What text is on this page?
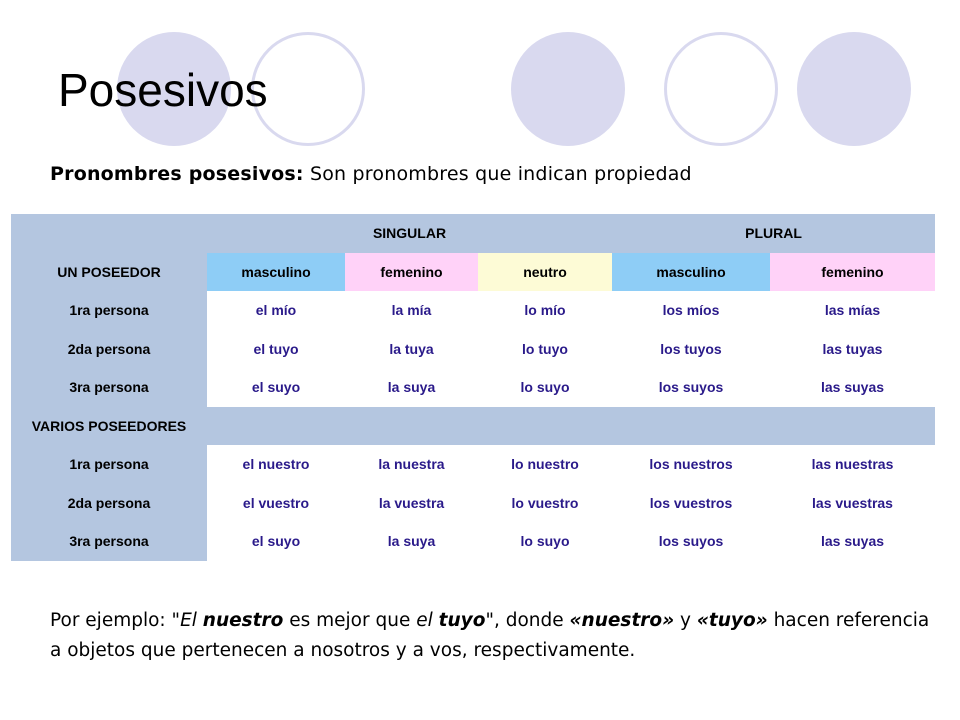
Posesivos
Pronombres posesivos: Son pronombres que indican propiedad
	SINGULAR			PLURAL	
UN POSEEDOR	masculino	femenino	neutro	masculino	femenino
1ra persona	el mío	la mía	lo mío	los míos	las mías
2da persona	el tuyo	la tuya	lo tuyo	los tuyos	las tuyas
3ra persona	el suyo	la suya	lo suyo	los suyos	las suyas
VARIOS POSEEDORES					
1ra persona	el nuestro	la nuestra	lo nuestro	los nuestros	las nuestras
2da persona	el vuestro	la vuestra	lo vuestro	los vuestros	las vuestras
3ra persona	el suyo	la suya	lo suyo	los suyos	las suyas
Por ejemplo: "El nuestro es mejor que el tuyo", donde «nuestro» y «tuyo» hacen referencia a objetos que pertenecen a nosotros y a vos, respectivamente.
